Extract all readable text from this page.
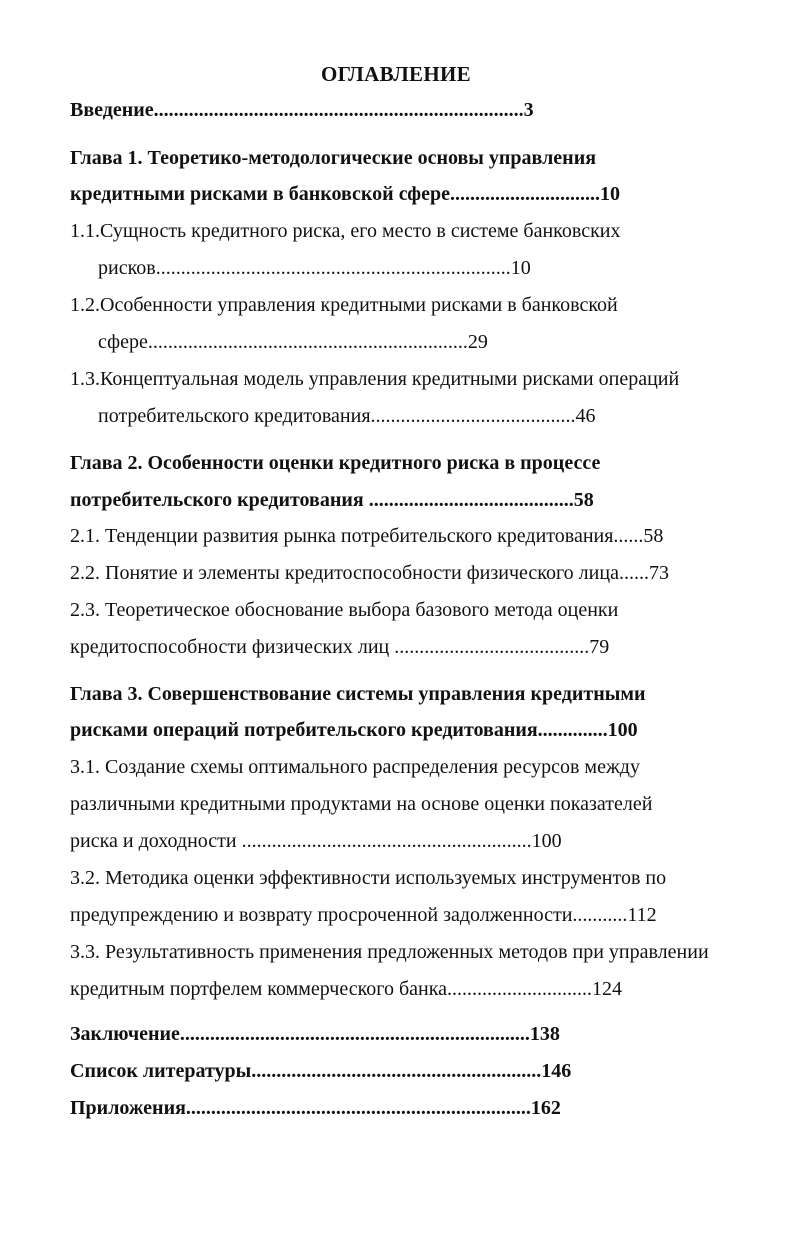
ОГЛАВЛЕНИЕ
Введение..........................................................................3
Глава 1. Теоретико-методологические основы управления
кредитными рисками в банковской сфере..............................10
1.1.Сущность кредитного риска, его место в системе банковских
рисков.......................................................................10
1.2.Особенности управления кредитными рисками в банковской
сфере................................................................29
1.3.Концептуальная модель управления кредитными рисками операций
потребительского кредитования.........................................46
Глава 2. Особенности оценки кредитного риска в процессе
потребительского кредитования .........................................58
2.1. Тенденции развития рынка потребительского кредитования......58
2.2. Понятие и элементы кредитоспособности физического лица......73
2.3. Теоретическое обоснование выбора базового метода оценки
кредитоспособности физических лиц .......................................79
Глава 3. Совершенствование системы управления кредитными
рисками операций потребительского кредитования..............100
3.1. Создание схемы оптимального распределения ресурсов между
различными кредитными продуктами на основе оценки показателей
риска и доходности ..........................................................100
3.2. Методика оценки эффективности используемых инструментов по
предупреждению и возврату просроченной задолженности...........112
3.3. Результативность применения предложенных методов при управлении
кредитным портфелем коммерческого банка.............................124
Заключение......................................................................138
Список литературы..........................................................146
Приложения.....................................................................162
